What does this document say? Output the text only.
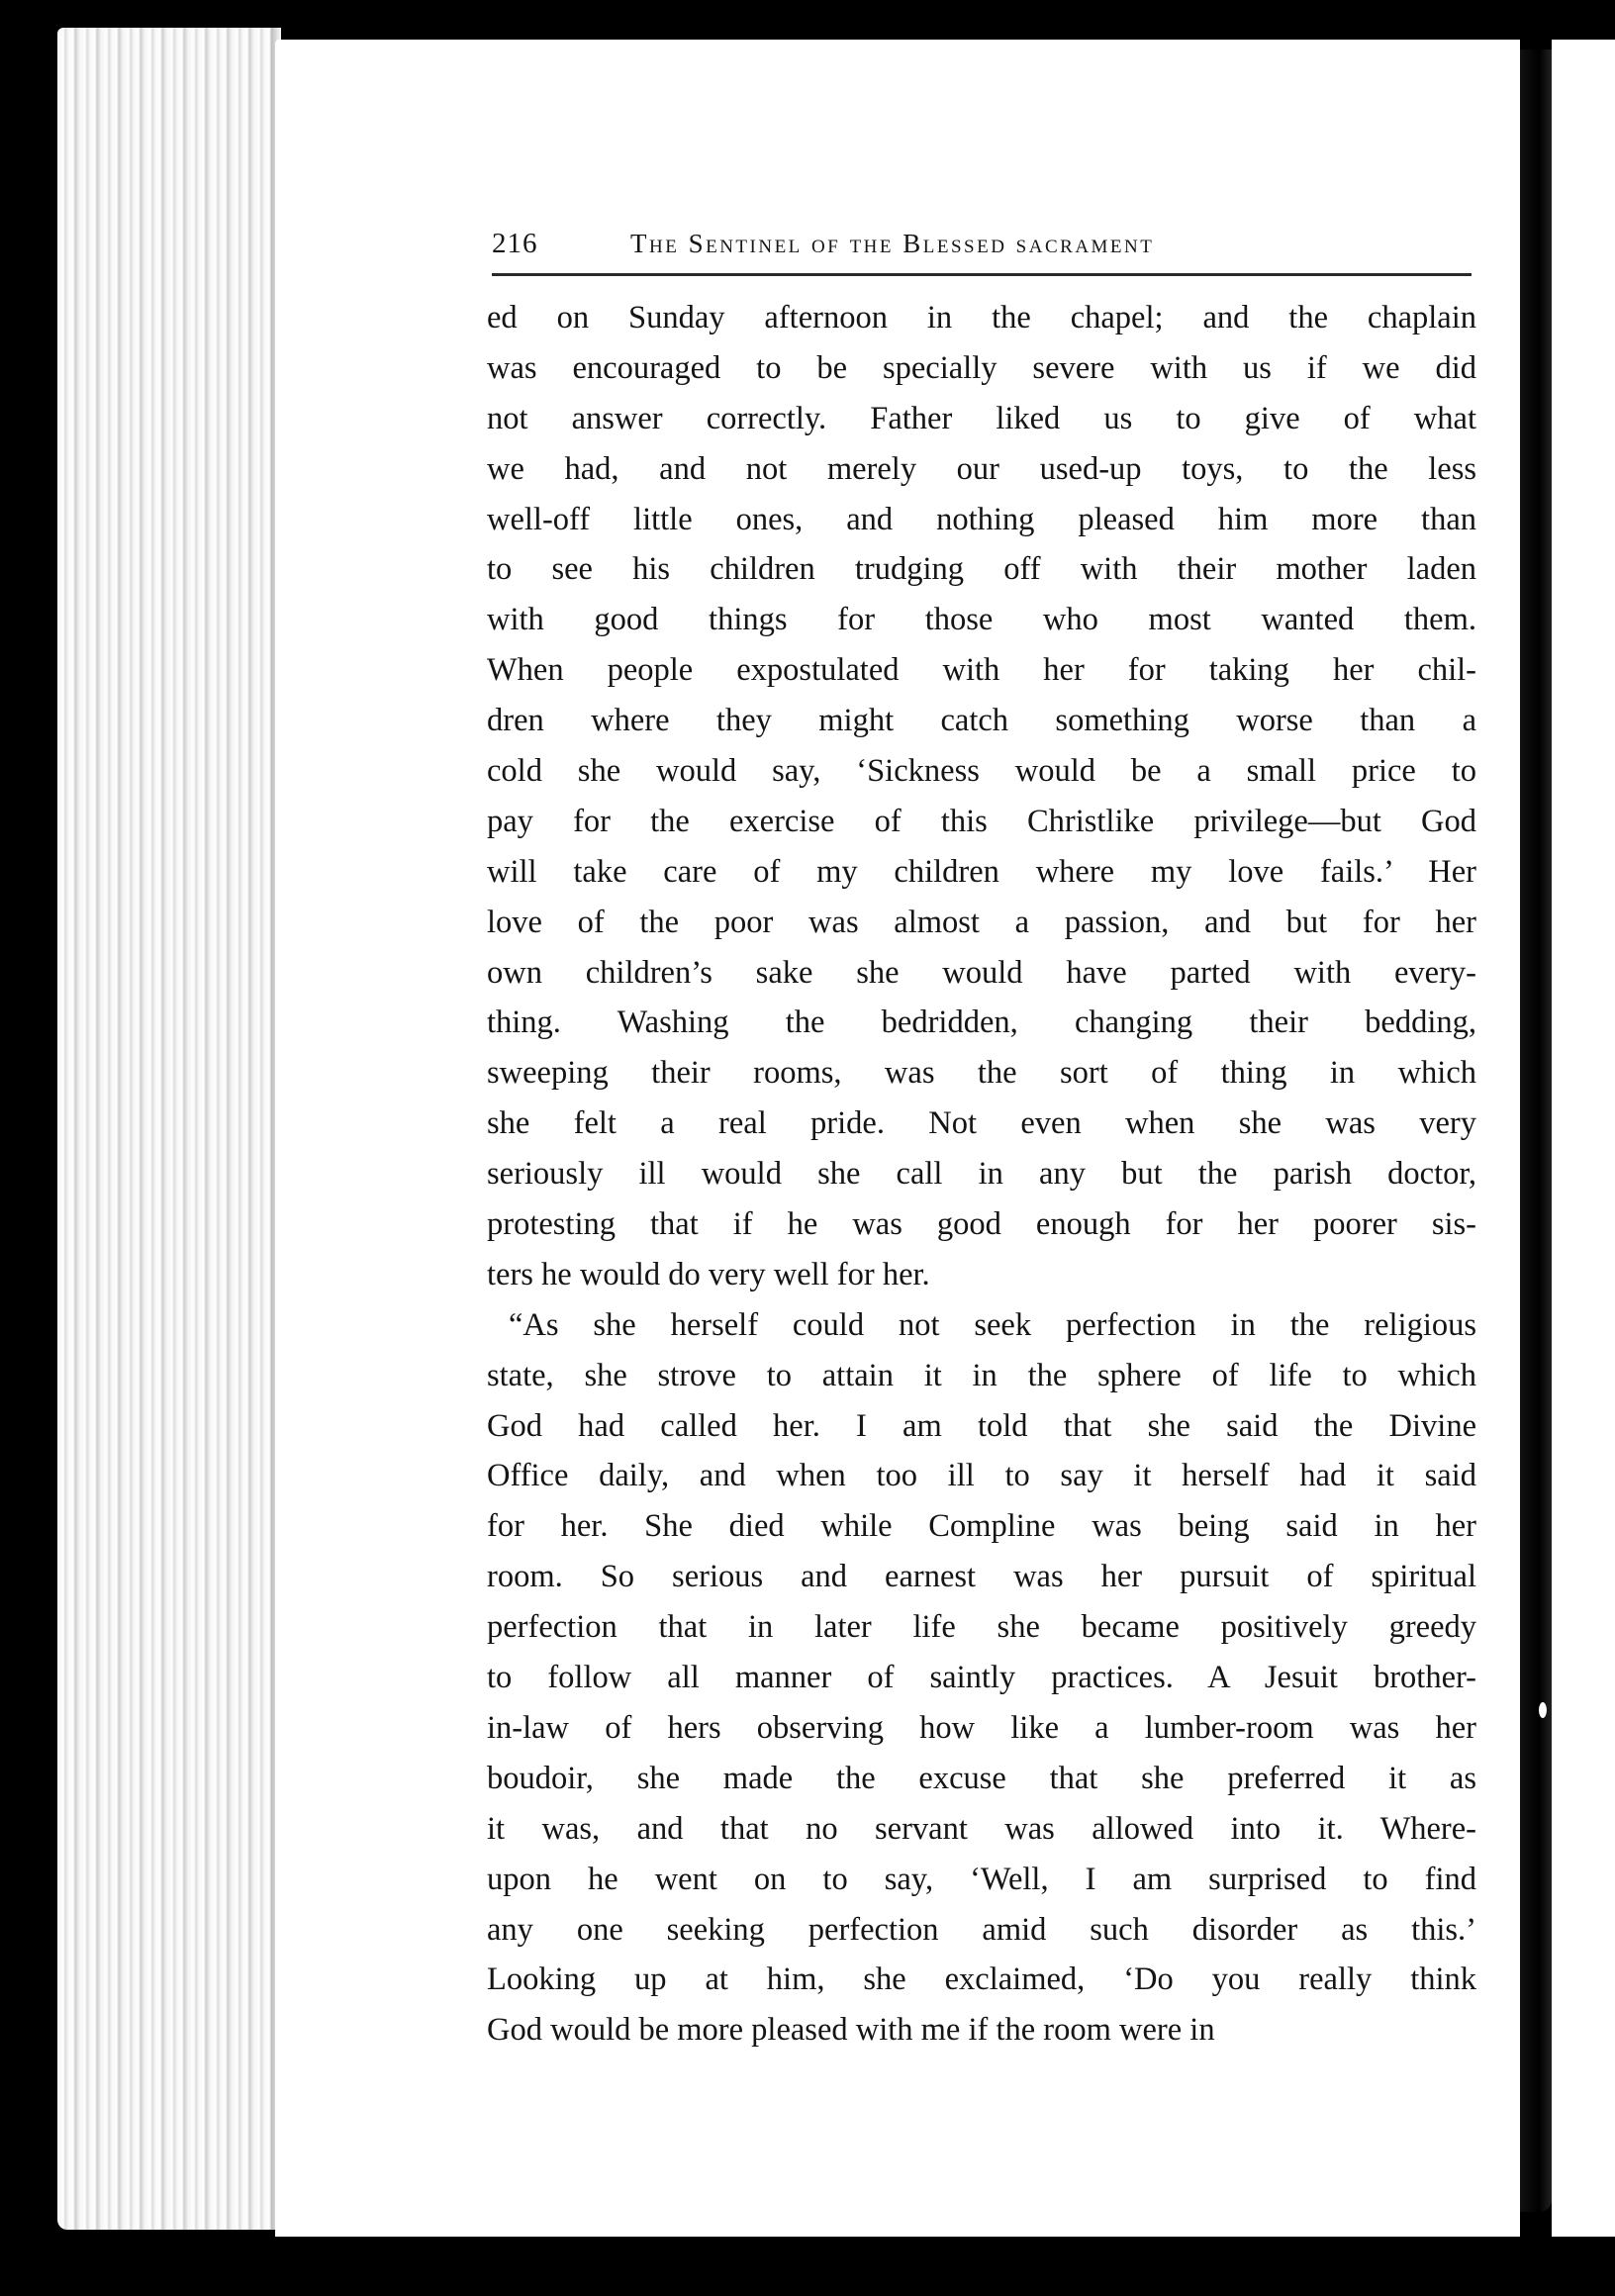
216	The Sentinel of the Blessed sacrament
ed on Sunday afternoon in the chapel; and the chaplain
was encouraged to be specially severe with us if we did
not answer correctly. Father liked us to give of what
we had, and not merely our used-up toys, to the less
well-off little ones, and nothing pleased him more than
to see his children trudging off with their mother laden
with good things for those who most wanted them.
When people expostulated with her for taking her chil-
dren where they might catch something worse than a
cold she would say, ‘Sickness would be a small price to
pay for the exercise of this Christlike privilege—but God
will take care of my children where my love fails.’ Her
love of the poor was almost a passion, and but for her
own children’s sake she would have parted with every-
thing. Washing the bedridden, changing their bedding,
sweeping their rooms, was the sort of thing in which
she felt a real pride. Not even when she was very
seriously ill would she call in any but the parish doctor,
protesting that if he was good enough for her poorer sis-
ters he would do very well for her.
“As she herself could not seek perfection in the religious
state, she strove to attain it in the sphere of life to which
God had called her. I am told that she said the Divine
Office daily, and when too ill to say it herself had it said
for her. She died while Compline was being said in her
room. So serious and earnest was her pursuit of spiritual
perfection that in later life she became positively greedy
to follow all manner of saintly practices. A Jesuit brother-
in-law of hers observing how like a lumber-room was her
boudoir, she made the excuse that she preferred it as
it was, and that no servant was allowed into it. Where-
upon he went on to say, ‘Well, I am surprised to find
any one seeking perfection amid such disorder as this.’
Looking up at him, she exclaimed, ‘Do you really think
God would be more pleased with me if the room were in
